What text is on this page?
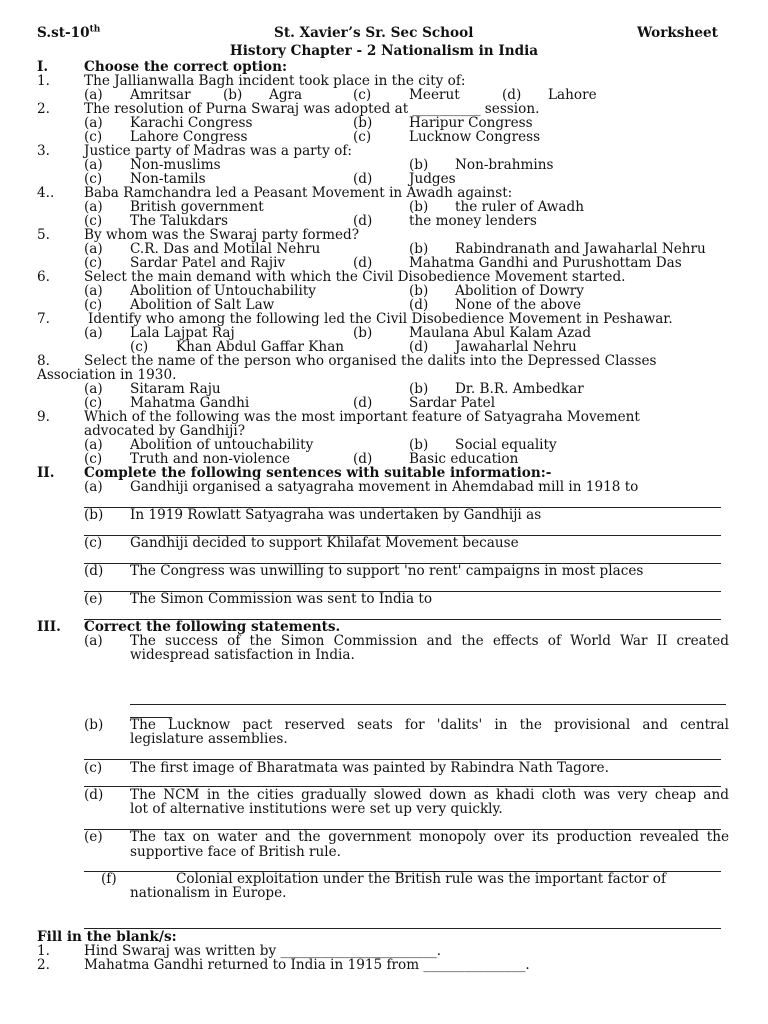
S.st-10th	St. Xavier’s Sr. Sec School	Worksheet
History Chapter - 2 Nationalism in India
I.	Choose the correct option:
1.	The Jallianwalla Bagh incident took place in the city of:
(a) Amritsar (b) Agra	(c)	Meerut	(d) Lahore
2.	The resolution of Purna Swaraj was adopted at __________ session.
(a) Karachi Congress	(b)	Haripur Congress
(c) Lahore Congress	(c)	Lucknow Congress
3.	Justice party of Madras was a party of:
(a) Non-muslims	(b) Non-brahmins
(c) Non-tamils	(d)	Judges
4.. Baba Ramchandra led a Peasant Movement in Awadh against:
(a) British government	(b) the ruler of Awadh
(c) The Talukdars	(d)	the money lenders
5.	By whom was the Swaraj party formed?
(a) C.R. Das and Motilal Nehru	(b) Rabindranath and Jawaharlal Nehru
(c) Sardar Patel and Rajiv	(d)	Mahatma Gandhi and Purushottam Das
6.	Select the main demand with which the Civil Disobedience Movement started.
(a) Abolition of Untouchability	(b) Abolition of Dowry
(c) Abolition of Salt Law	(d) None of the above
7.	Identify who among the following led the Civil Disobedience Movement in Peshawar.
(a) Lala Lajpat Raj	(b)	Maulana Abul Kalam Azad
(c) Khan Abdul Gaffar Khan	(d) Jawaharlal Nehru
8.	Select the name of the person who organised the dalits into the Depressed Classes
Association in 1930.
(a) Sitaram Raju	(b) Dr. B.R. Ambedkar
(c) Mahatma Gandhi	(d)	Sardar Patel
9.	Which of the following was the most important feature of Satyagraha Movement
advocated by Gandhiji?
(a) Abolition of untouchability	(b) Social equality
(c) Truth and non-violence	(d)	Basic education
II. Complete the following sentences with suitable information:-
(a) Gandhiji organised a satyagraha movement in Ahemdabad mill in 1918 to
(b) In 1919 Rowlatt Satyagraha was undertaken by Gandhiji as
(c) Gandhiji decided to support Khilafat Movement because
(d) The Congress was unwilling to support 'no rent' campaigns in most places
(e) The Simon Commission was sent to India to
III. Correct the following statements.
(a) The success of the Simon Commission and the effects of World War II created
widespread satisfaction in India.
(b) The Lucknow pact reserved seats for 'dalits' in the provisional and central
legislature assemblies.
(c) The first image of Bharatmata was painted by Rabindra Nath Tagore.
(d) The NCM in the cities gradually slowed down as khadi cloth was very cheap and
lot of alternative institutions were set up very quickly.
(e) The tax on water and the government monopoly over its production revealed the
supportive face of British rule.
(f)	Colonial exploitation under the British rule was the important factor of
nationalism in Europe.
Fill in the blank/s:
1.	Hind Swaraj was written by _______________________.
2.	Mahatma Gandhi returned to India in 1915 from _______________.
